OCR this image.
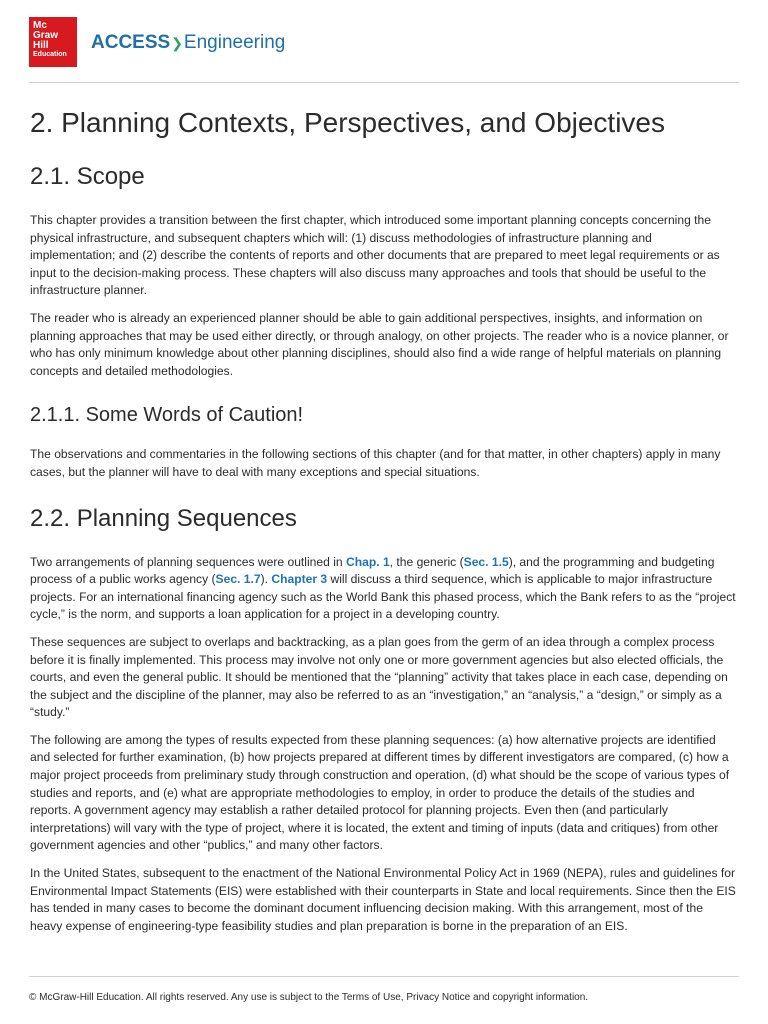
Mc
Graw
Hill
Education
ACCESS❯Engineering
2. Planning Contexts, Perspectives, and Objectives
2.1. Scope

This chapter provides a transition between the first chapter, which introduced some important planning concepts concerning the physical infrastructure, and subsequent chapters which will: (1) discuss methodologies of infrastructure planning and implementation; and (2) describe the contents of reports and other documents that are prepared to meet legal requirements or as input to the decision-making process. These chapters will also discuss many approaches and tools that should be useful to the infrastructure planner.

The reader who is already an experienced planner should be able to gain additional perspectives, insights, and information on planning approaches that may be used either directly, or through analogy, on other projects. The reader who is a novice planner, or who has only minimum knowledge about other planning disciplines, should also find a wide range of helpful materials on planning concepts and detailed methodologies.

2.1.1. Some Words of Caution!

The observations and commentaries in the following sections of this chapter (and for that matter, in other chapters) apply in many cases, but the planner will have to deal with many exceptions and special situations.

2.2. Planning Sequences

Two arrangements of planning sequences were outlined in Chap. 1, the generic (Sec. 1.5), and the programming and budgeting process of a public works agency (Sec. 1.7). Chapter 3 will discuss a third sequence, which is applicable to major infrastructure projects. For an international financing agency such as the World Bank this phased process, which the Bank refers to as the “project cycle,” is the norm, and supports a loan application for a project in a developing country.

These sequences are subject to overlaps and backtracking, as a plan goes from the germ of an idea through a complex process before it is finally implemented. This process may involve not only one or more government agencies but also elected officials, the courts, and even the general public. It should be mentioned that the “planning” activity that takes place in each case, depending on the subject and the discipline of the planner, may also be referred to as an “investigation,” an “analysis,” a “design,” or simply as a “study.”

The following are among the types of results expected from these planning sequences: (a) how alternative projects are identified and selected for further examination, (b) how projects prepared at different times by different investigators are compared, (c) how a major project proceeds from preliminary study through construction and operation, (d) what should be the scope of various types of studies and reports, and (e) what are appropriate methodologies to employ, in order to produce the details of the studies and reports. A government agency may establish a rather detailed protocol for planning projects. Even then (and particularly interpretations) will vary with the type of project, where it is located, the extent and timing of inputs (data and critiques) from other government agencies and other “publics,” and many other factors.

In the United States, subsequent to the enactment of the National Environmental Policy Act in 1969 (NEPA), rules and guidelines for Environmental Impact Statements (EIS) were established with their counterparts in State and local requirements. Since then the EIS has tended in many cases to become the dominant document influencing decision making. With this arrangement, most of the heavy expense of engineering-type feasibility studies and plan preparation is borne in the preparation of an EIS.

© McGraw-Hill Education. All rights reserved. Any use is subject to the Terms of Use, Privacy Notice and copyright information.
